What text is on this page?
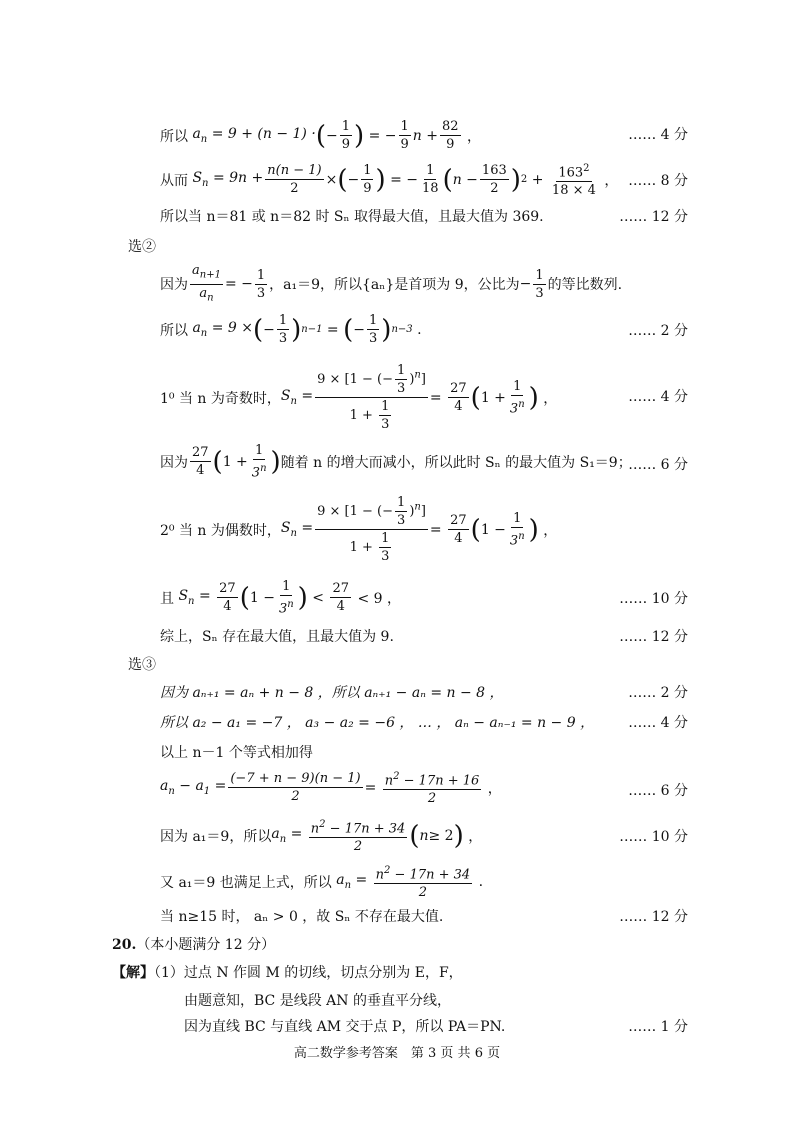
所以 $a_n = 9 + (n - 1)$ · ( − $\frac{1}{9}$ ) = − $\frac{1}{9}$ $n + \frac{82}{9}$ ，	…… 4 分
从而 $S_n = 9n + \frac{n(n - 1)}{2}$ × ( − $\frac{1}{9}$ ) = − $\frac{1}{18}$ ( $n - \frac{163}{2}$ ) $2 + \frac{163^2}{18 \times 4}$ ， …… 8 分
所以当 n＝81 或 n＝82 时 Sₙ 取得最大值，且最大值为 369.	…… 12 分
选②
因为 $\frac{a_{n+1}}{a_n}$ = − $\frac{1}{3}$ ，a₁＝9，所以{aₙ}是首项为 9，公比为 − $\frac{1}{3}$ 的等比数列.
所以 $a_n = 9$ × ( − $\frac{1}{3}$ ) n−1 = ( − $\frac{1}{3}$ ) n−3 .	…… 2 分
1⁰ 当 n 为奇数时， $S_n = \frac{9 \times [1 - (- \frac{1}{3} )^n]}{1 + \frac{1}{3}} = \frac{27}{4}$ ( $1 + \frac{1}{3^n}$ ) ，	…… 4 分
因为 $\frac{27}{4}$ ( $1 + \frac{1}{3^n}$ ) 随着 n 的增大而减小，所以此时 Sₙ 的最大值为 S₁＝9；
…… 6 分
2⁰ 当 n 为偶数时， $S_n = \frac{9 \times [1 - (- \frac{1}{3} )^n]}{1 + \frac{1}{3}} = \frac{27}{4}$ ( $1 - \frac{1}{3^n}$ ) ，
且 $S_n$ =
$\frac{27}{4}$ ( $1 - \frac{1}{3^n}$ ) < $\frac{27}{4} < 9$ ，	…… 10 分
综上，Sₙ 存在最大值，且最大值为 9.	…… 12 分
选③
因为 aₙ₊₁ = aₙ + n − 8 ，所以 aₙ₊₁ − aₙ = n − 8 ，	…… 2 分
所以 a₂ − a₁ = −7 ， a₃ − a₂ = −6 ， … ， aₙ − aₙ₋₁ = n − 9 ，	…… 4 分
以上 n－1 个等式相加得
$a_n - a_1 = \frac{(-7 + n - 9)(n - 1)}{2} = \frac{n^2 - 17n + 16}{2}$ ，	…… 6 分
因为 a₁＝9，所以 $a_n$ =
$\frac{n^2 - 17n + 34}{2}$ ( n ≥ 2 ) ，	…… 10 分
又 a₁＝9 也满足上式，所以 $a_n$ =
$\frac{n^2 - 17n + 34}{2}$ .
当 n≥15 时， aₙ > 0 ，故 Sₙ 不存在最大值.	…… 12 分
20.（本小题满分 12 分）
【解】（1）过点 N 作圆 M 的切线，切点分别为 E，F，
由题意知，BC 是线段 AN 的垂直平分线，
因为直线 BC 与直线 AM 交于点 P，所以 PA＝PN.	…… 1 分
高二数学参考答案　第 3 页 共 6 页
